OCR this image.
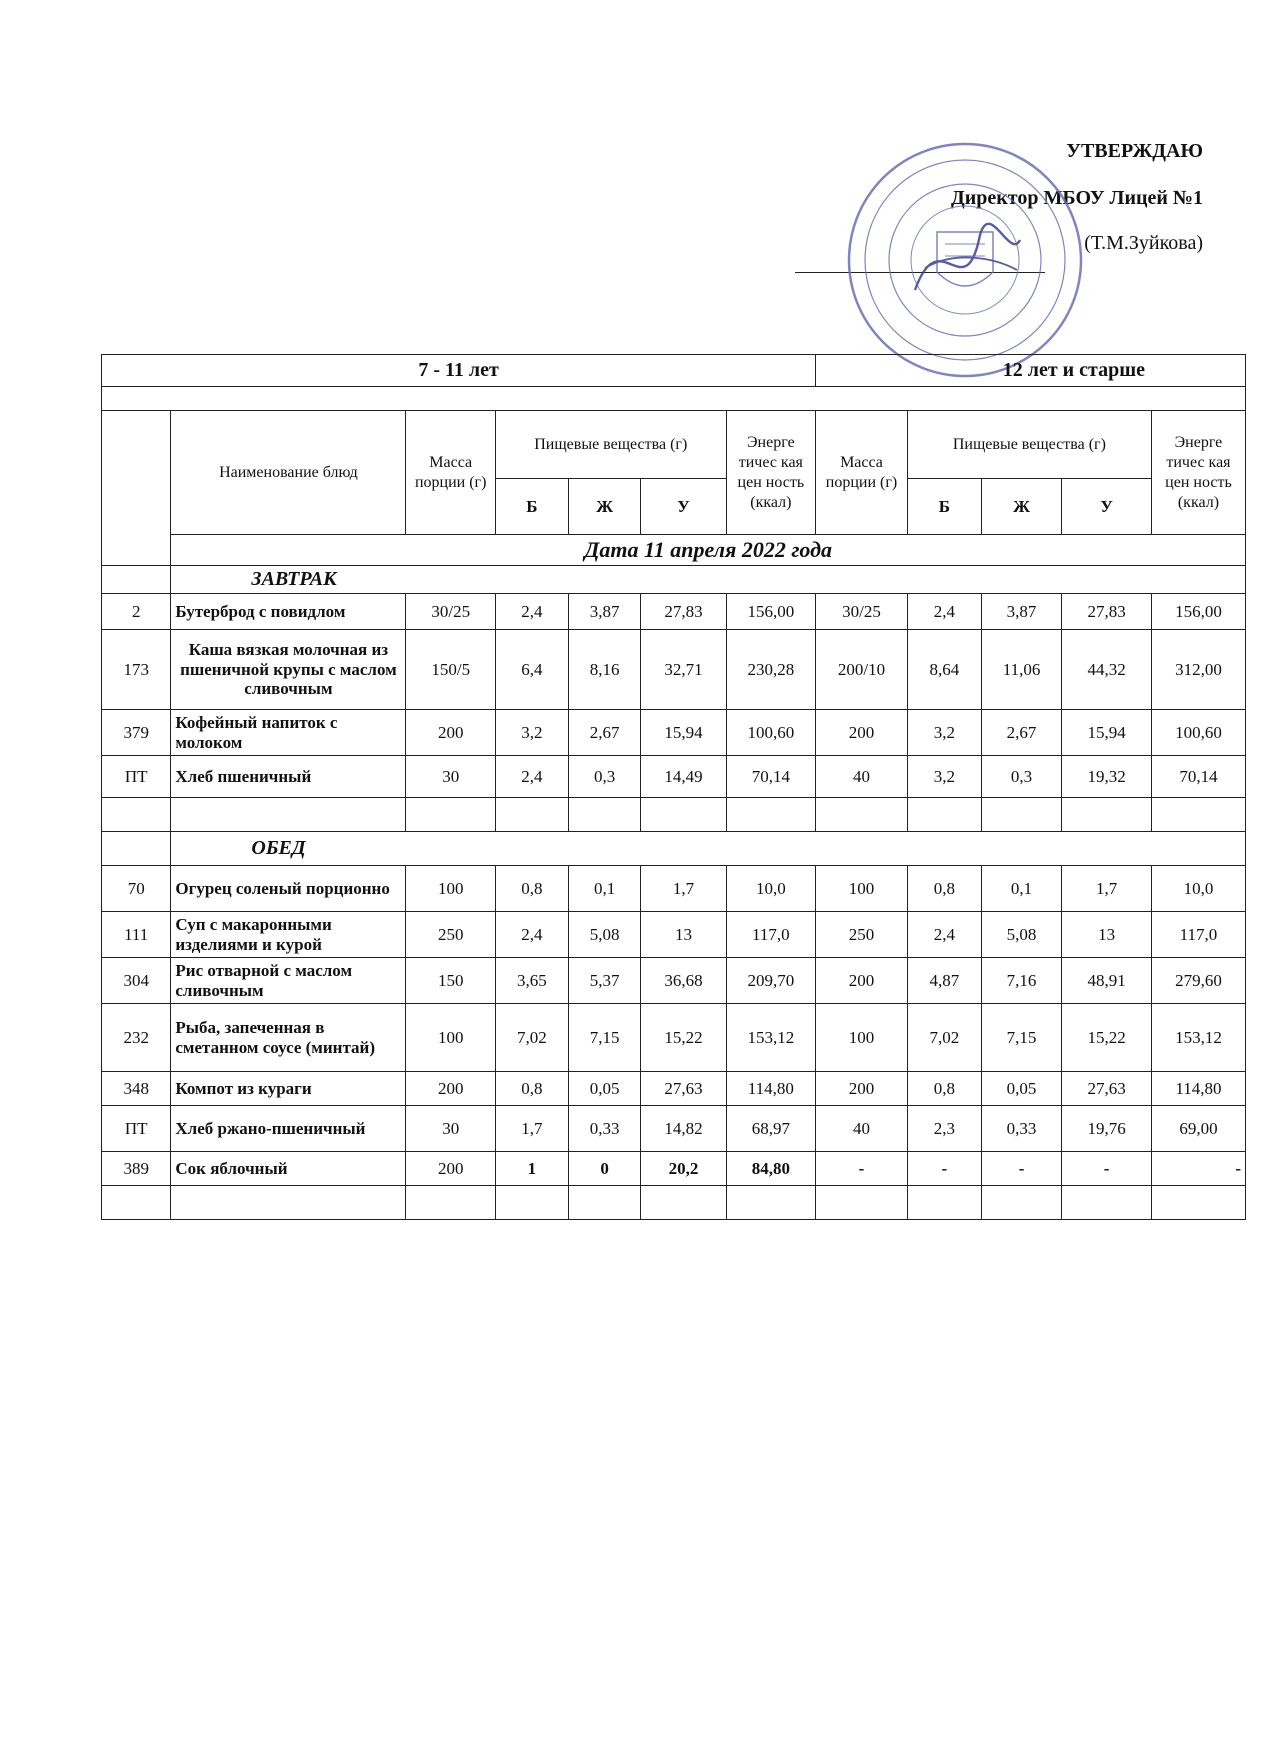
УТВЕРЖДАЮ
Директор МБОУ Лицей №1
(Т.М.Зуйкова)
7 - 11 лет							12 лет и старше				

	Наименование блюд	Масса порции (г)	Пищевые вещества (г)			Энерге тичес кая цен ность (ккал)	Масса порции (г)	Пищевые вещества (г)			Энерге тичес кая цен ность (ккал)
			Б	Ж	У			Б	Ж	У	
	Дата 11 апреля 2022 года										
	ЗАВТРАК										
2	Бутерброд с повидлом	30/25	2,4	3,87	27,83	156,00	30/25	2,4	3,87	27,83	156,00
173	Каша вязкая молочная из пшеничной крупы с маслом сливочным	150/5	6,4	8,16	32,71	230,28	200/10	8,64	11,06	44,32	312,00
379	Кофейный напиток с молоком	200	3,2	2,67	15,94	100,60	200	3,2	2,67	15,94	100,60
ПТ	Хлеб пшеничный	30	2,4	0,3	14,49	70,14	40	3,2	0,3	19,32	70,14

	ОБЕД										
70	Огурец соленый порционно	100	0,8	0,1	1,7	10,0	100	0,8	0,1	1,7	10,0
111	Суп с макаронными изделиями и курой	250	2,4	5,08	13	117,0	250	2,4	5,08	13	117,0
304	Рис отварной с маслом сливочным	150	3,65	5,37	36,68	209,70	200	4,87	7,16	48,91	279,60
232	Рыба, запеченная в сметанном соусе (минтай)	100	7,02	7,15	15,22	153,12	100	7,02	7,15	15,22	153,12
348	Компот из кураги	200	0,8	0,05	27,63	114,80	200	0,8	0,05	27,63	114,80
ПТ	Хлеб ржано-пшеничный	30	1,7	0,33	14,82	68,97	40	2,3	0,33	19,76	69,00
389	Сок яблочный	200	1	0	20,2	84,80	-	-	-	-	-
